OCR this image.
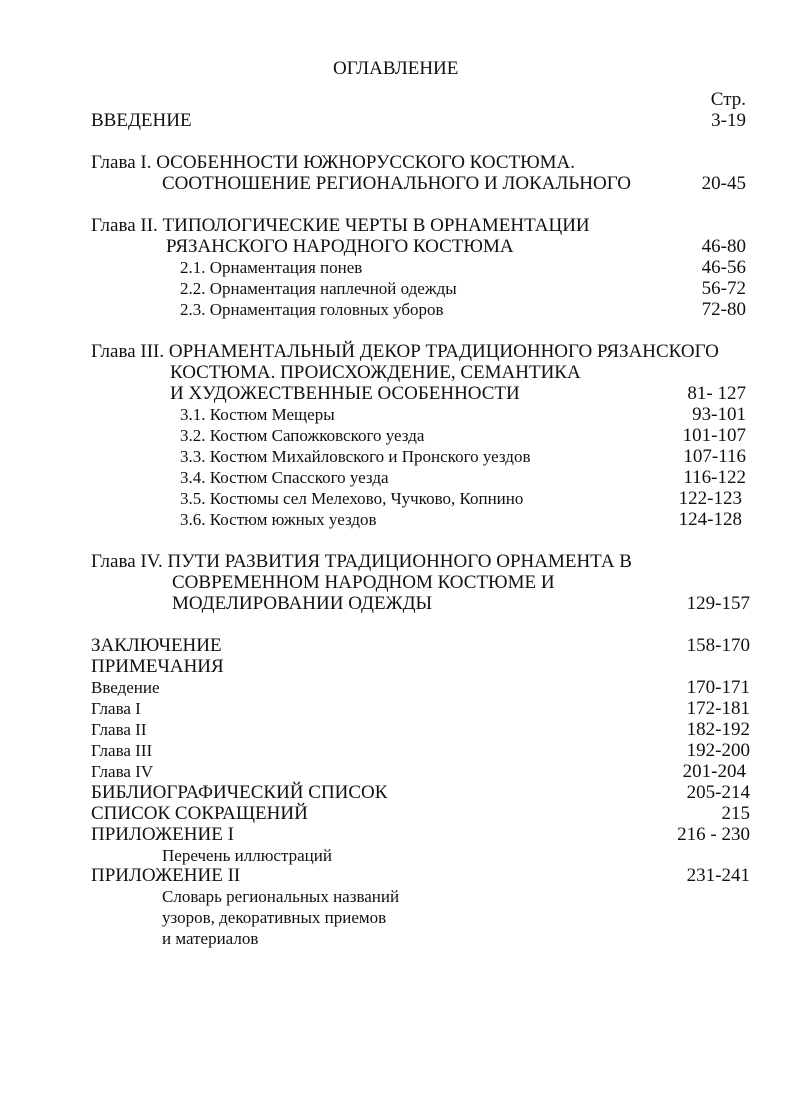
ОГЛАВЛЕНИЕ
Стр.
ВВЕДЕНИЕ	3-19
Глава I. ОСОБЕННОСТИ ЮЖНОРУССКОГО КОСТЮМА.
СООТНОШЕНИЕ РЕГИОНАЛЬНОГО И ЛОКАЛЬНОГО	20-45
Глава II. ТИПОЛОГИЧЕСКИЕ ЧЕРТЫ В ОРНАМЕНТАЦИИ
РЯЗАНСКОГО НАРОДНОГО КОСТЮМА	46-80
2.1. Орнаментация понев	46-56
2.2. Орнаментация наплечной одежды	56-72
2.3. Орнаментация головных уборов	72-80
Глава III. ОРНАМЕНТАЛЬНЫЙ ДЕКОР ТРАДИЦИОННОГО РЯЗАНСКОГО
КОСТЮМА. ПРОИСХОЖДЕНИЕ, СЕМАНТИКА
И ХУДОЖЕСТВЕННЫЕ ОСОБЕННОСТИ	81- 127
3.1. Костюм Мещеры	93-101
3.2. Костюм Сапожковского уезда	101-107
3.3. Костюм Михайловского и Пронского уездов	107-116
3.4. Костюм Спасского уезда	116-122
3.5. Костюмы сел Мелехово, Чучково, Копнино	122-123
3.6. Костюм южных уездов	124-128
Глава IV. ПУТИ РАЗВИТИЯ ТРАДИЦИОННОГО ОРНАМЕНТА В
СОВРЕМЕННОМ НАРОДНОМ КОСТЮМЕ И
МОДЕЛИРОВАНИИ ОДЕЖДЫ	129-157
ЗАКЛЮЧЕНИЕ	158-170
ПРИМЕЧАНИЯ
Введение	170-171
Глава I	172-181
Глава II	182-192
Глава III	192-200
Глава IV	201-204
БИБЛИОГРАФИЧЕСКИЙ СПИСОК	205-214
СПИСОК СОКРАЩЕНИЙ	215
ПРИЛОЖЕНИЕ I	216 - 230
Перечень иллюстраций
ПРИЛОЖЕНИЕ II	231-241
Словарь региональных названий
узоров, декоративных приемов
и материалов
